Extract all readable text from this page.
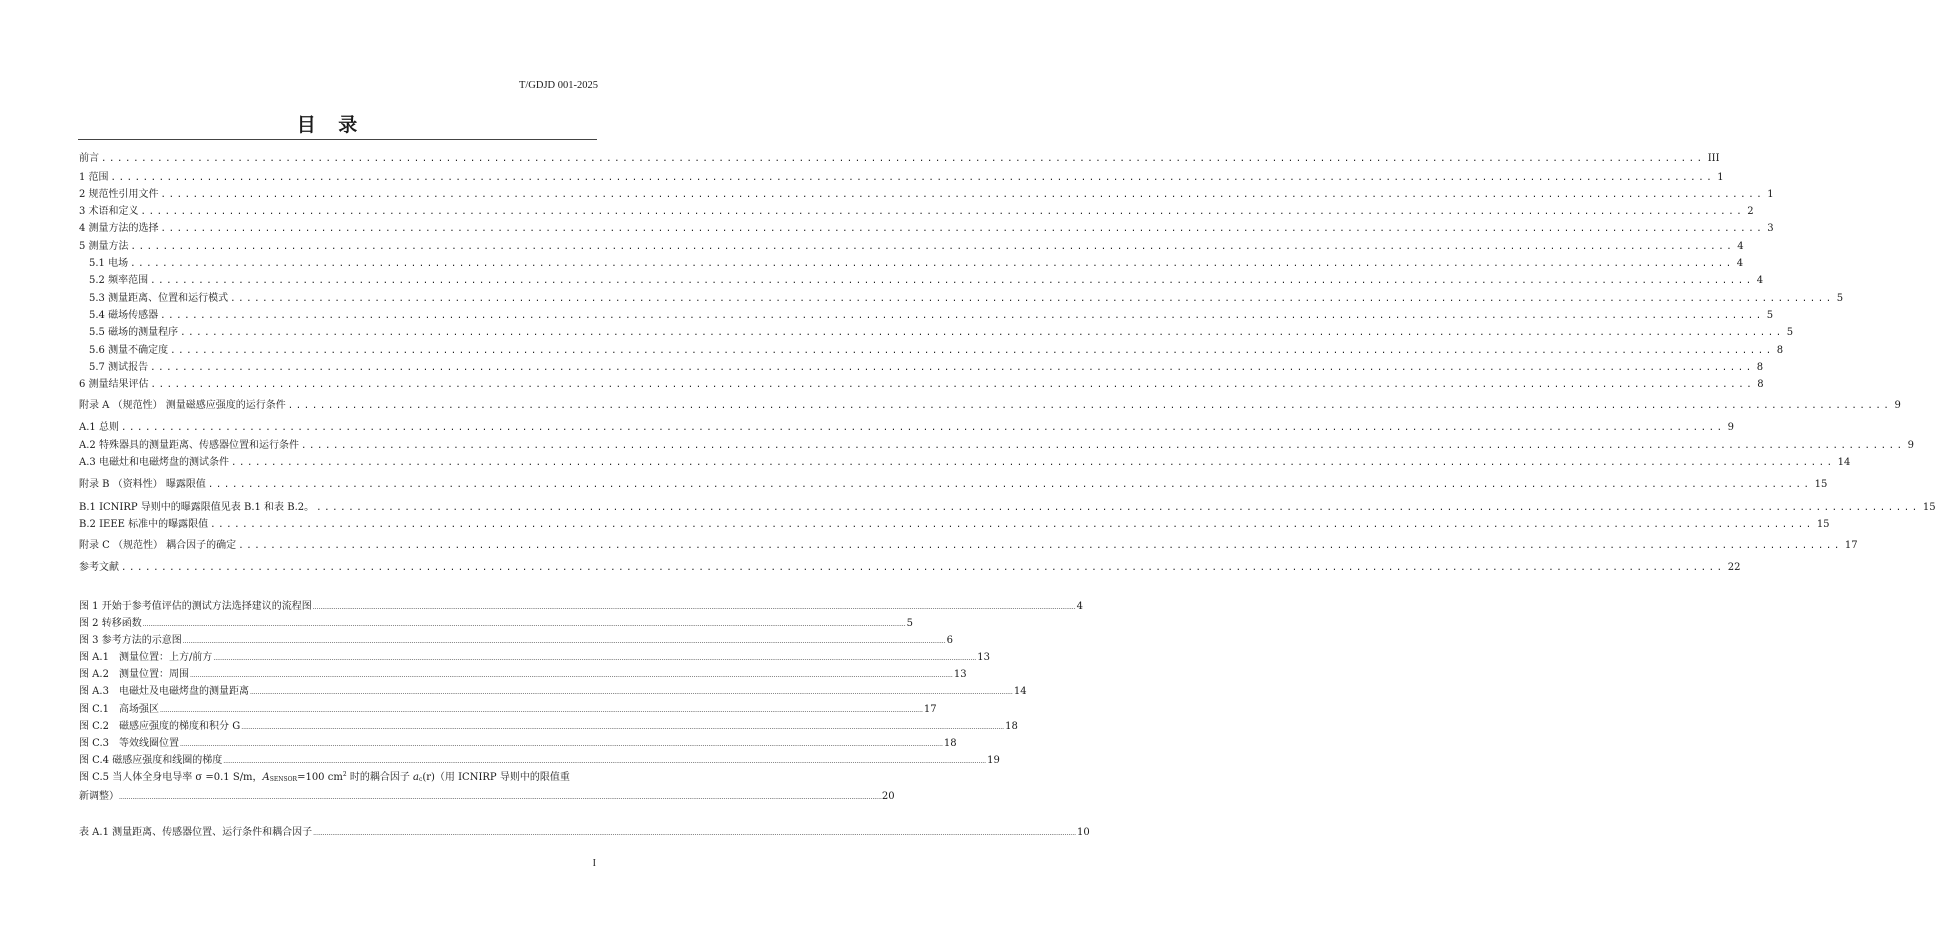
T/GDJD 001-2025
目 录
前言 ........................................................................................................................................................................................................ III
1 范围 ........................................................................................................................................................................................................ 1
2 规范性引用文件 ........................................................................................................................................................................................................ 1
3 术语和定义 ........................................................................................................................................................................................................ 2
4 测量方法的选择 ........................................................................................................................................................................................................ 3
5 测量方法 ........................................................................................................................................................................................................ 4
5.1 电场 ........................................................................................................................................................................................................ 4
5.2 频率范围 ........................................................................................................................................................................................................ 4
5.3 测量距离、位置和运行模式 ........................................................................................................................................................................................................ 5
5.4 磁场传感器 ........................................................................................................................................................................................................ 5
5.5 磁场的测量程序 ........................................................................................................................................................................................................ 5
5.6 测量不确定度 ........................................................................................................................................................................................................ 8
5.7 测试报告 ........................................................................................................................................................................................................ 8
6 测量结果评估 ........................................................................................................................................................................................................ 8
附录 A （规范性） 测量磁感应强度的运行条件 ........................................................................................................................................................................................................ 9
A.1 总则 ........................................................................................................................................................................................................ 9
A.2 特殊器具的测量距离、传感器位置和运行条件 ........................................................................................................................................................................................................ 9
A.3 电磁灶和电磁烤盘的测试条件 ........................................................................................................................................................................................................ 14
附录 B （资料性） 曝露限值 ........................................................................................................................................................................................................ 15
B.1 ICNIRP 导则中的曝露限值见表 B.1 和表 B.2。 ........................................................................................................................................................................................................ 15
B.2 IEEE 标准中的曝露限值 ........................................................................................................................................................................................................ 15
附录 C （规范性） 耦合因子的确定 ........................................................................................................................................................................................................ 17
参考文献 ........................................................................................................................................................................................................ 22
图 1 开始于参考值评估的测试方法选择建议的流程图 ................................................................................................................................................................................................................................................................................................................................................................................................................ 4
图 2 转移函数 ................................................................................................................................................................................................................................................................................................................................................................................................................ 5
图 3 参考方法的示意图 ................................................................................................................................................................................................................................................................................................................................................................................................................ 6
图 A.1　测量位置：上方/前方 ................................................................................................................................................................................................................................................................................................................................................................................................................ 13
图 A.2　测量位置：周围 ................................................................................................................................................................................................................................................................................................................................................................................................................ 13
图 A.3　电磁灶及电磁烤盘的测量距离 ................................................................................................................................................................................................................................................................................................................................................................................................................ 14
图 C.1　高场强区 ................................................................................................................................................................................................................................................................................................................................................................................................................ 17
图 C.2　磁感应强度的梯度和积分 G ................................................................................................................................................................................................................................................................................................................................................................................................................ 18
图 C.3　等效线圈位置 ................................................................................................................................................................................................................................................................................................................................................................................................................ 18
图 C.4 磁感应强度和线圈的梯度 ................................................................................................................................................................................................................................................................................................................................................................................................................ 19
图 C.5 当人体全身电导率 σ =0.1 S/m，ASENSOR=100 $cm^2$ 时的耦合因子 ac(r)（用 ICNIRP 导则中的限值重
新调整） ................................................................................................................................................................................................................................................................................................................................................................................................................ 20
表 A.1 测量距离、传感器位置、运行条件和耦合因子 ................................................................................................................................................................................................................................................................................................................................................................................................................ 10
I
